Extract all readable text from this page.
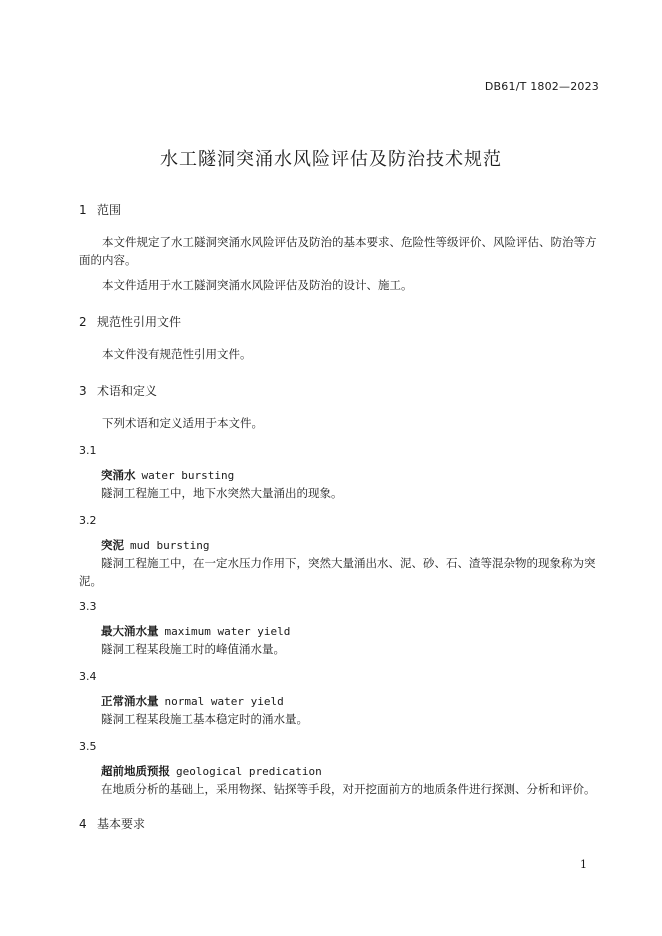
DB61/T 1802—2023
水工隧洞突涌水风险评估及防治技术规范
1 范围
本文件规定了水工隧洞突涌水风险评估及防治的基本要求、危险性等级评价、风险评估、防治等方面的内容。
本文件适用于水工隧洞突涌水风险评估及防治的设计、施工。
2 规范性引用文件
本文件没有规范性引用文件。
3 术语和定义
下列术语和定义适用于本文件。
3.1
突涌水 water bursting
隧洞工程施工中，地下水突然大量涌出的现象。
3.2
突泥 mud bursting
隧洞工程施工中，在一定水压力作用下，突然大量涌出水、泥、砂、石、渣等混杂物的现象称为突泥。
3.3
最大涌水量 maximum water yield
隧洞工程某段施工时的峰值涌水量。
3.4
正常涌水量 normal water yield
隧洞工程某段施工基本稳定时的涌水量。
3.5
超前地质预报 geological predication
在地质分析的基础上，采用物探、钻探等手段，对开挖面前方的地质条件进行探测、分析和评价。
4 基本要求
1
